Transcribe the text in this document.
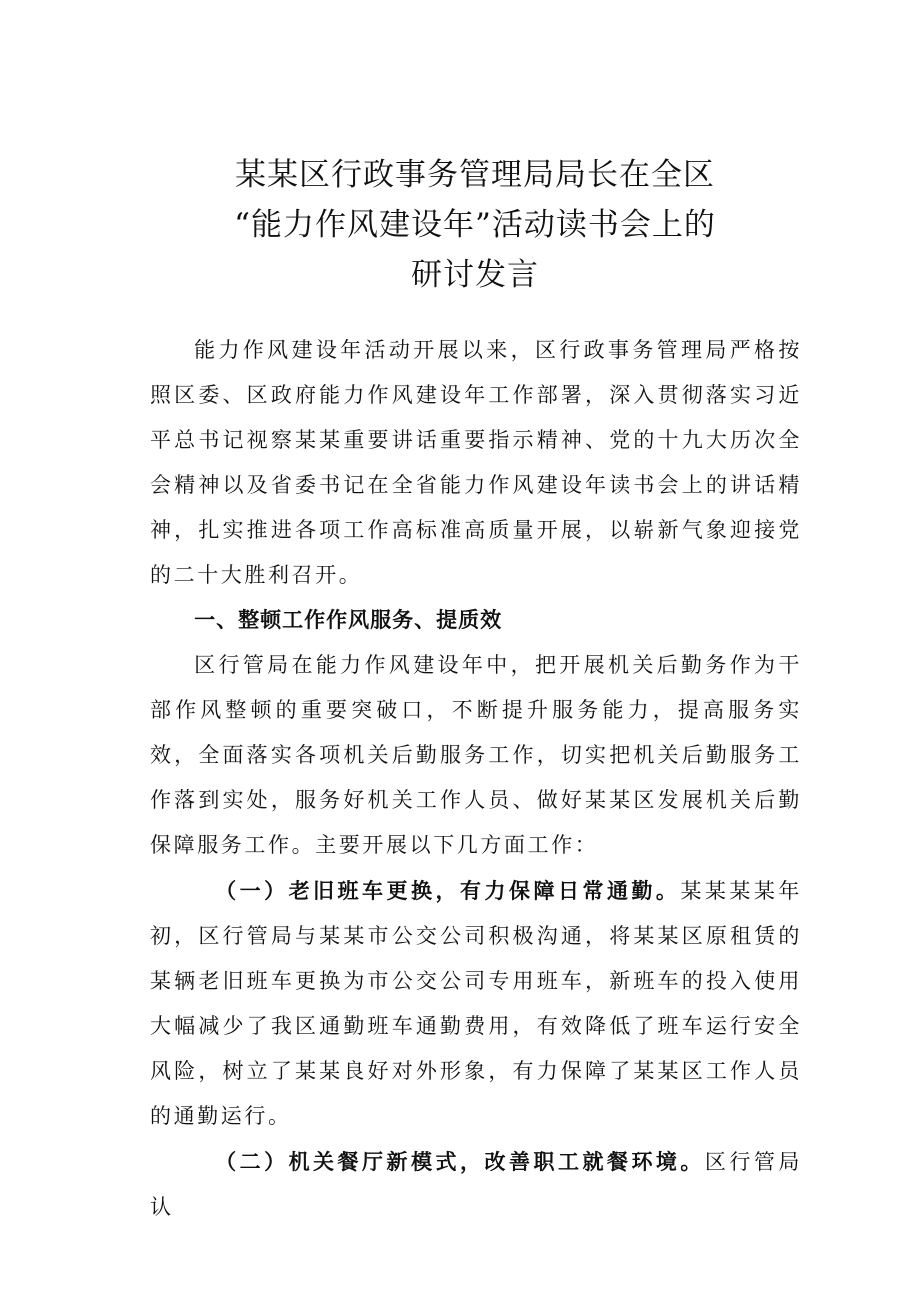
某某区行政事务管理局局长在全区
“能力作风建设年”活动读书会上的
研讨发言

能力作风建设年活动开展以来，区行政事务管理局严格按照区委、区政府能力作风建设年工作部署，深入贯彻落实习近平总书记视察某某重要讲话重要指示精神、党的十九大历次全会精神以及省委书记在全省能力作风建设年读书会上的讲话精神，扎实推进各项工作高标准高质量开展，以崭新气象迎接党的二十大胜利召开。

一、整顿工作作风服务、提质效

区行管局在能力作风建设年中，把开展机关后勤务作为干部作风整顿的重要突破口，不断提升服务能力，提高服务实效，全面落实各项机关后勤服务工作，切实把机关后勤服务工作落到实处，服务好机关工作人员、做好某某区发展机关后勤保障服务工作。主要开展以下几方面工作：

（一）老旧班车更换，有力保障日常通勤。某某某某年初，区行管局与某某市公交公司积极沟通，将某某区原租赁的某辆老旧班车更换为市公交公司专用班车，新班车的投入使用大幅减少了我区通勤班车通勤费用，有效降低了班车运行安全风险，树立了某某良好对外形象，有力保障了某某区工作人员的通勤运行。

（二）机关餐厅新模式，改善职工就餐环境。区行管局认
